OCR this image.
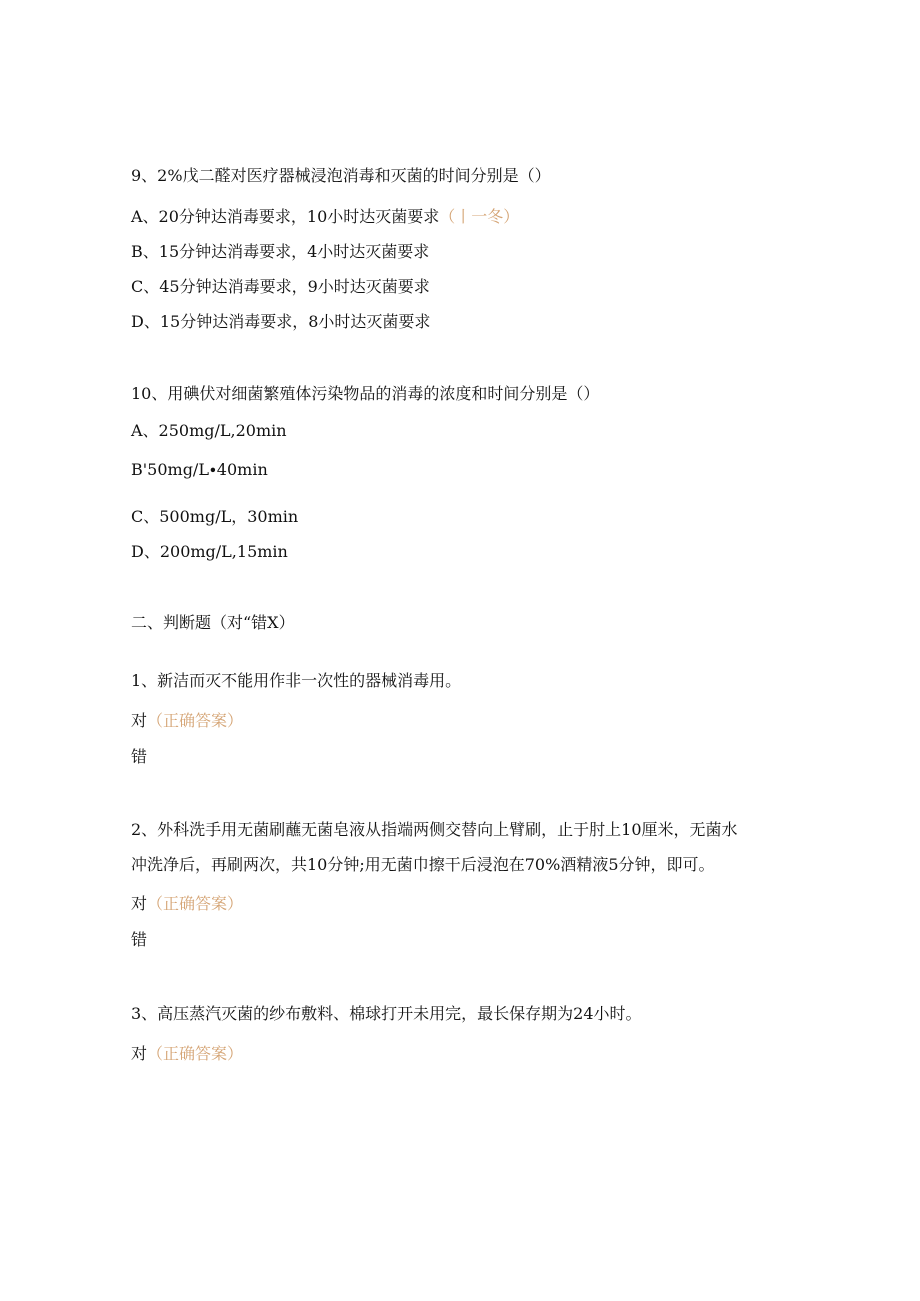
9、2%戊二醛对医疗器械浸泡消毒和灭菌的时间分别是（）
A、20分钟达消毒要求，10小时达灭菌要求（丨一冬）
B、15分钟达消毒要求，4小时达灭菌要求
C、45分钟达消毒要求，9小时达灭菌要求
D、15分钟达消毒要求，8小时达灭菌要求
10、用碘伏对细菌繁殖体污染物品的消毒的浓度和时间分别是（）
A、250mg∕L,20min
B'50mg∕L∙40min
C、500mg∕L，30min
D、200mg∕L,15min
二、判断题（对“错X）
1、新洁而灭不能用作非一次性的器械消毒用。
对（正确答案）
错
2、外科洗手用无菌刷蘸无菌皂液从指端两侧交替向上臂刷，止于肘上10厘米，无菌水
冲洗净后，再刷两次，共10分钟;用无菌巾擦干后浸泡在70%酒精液5分钟，即可。
对（正确答案）
错
3、高压蒸汽灭菌的纱布敷料、棉球打开未用完，最长保存期为24小时。
对（正确答案）
